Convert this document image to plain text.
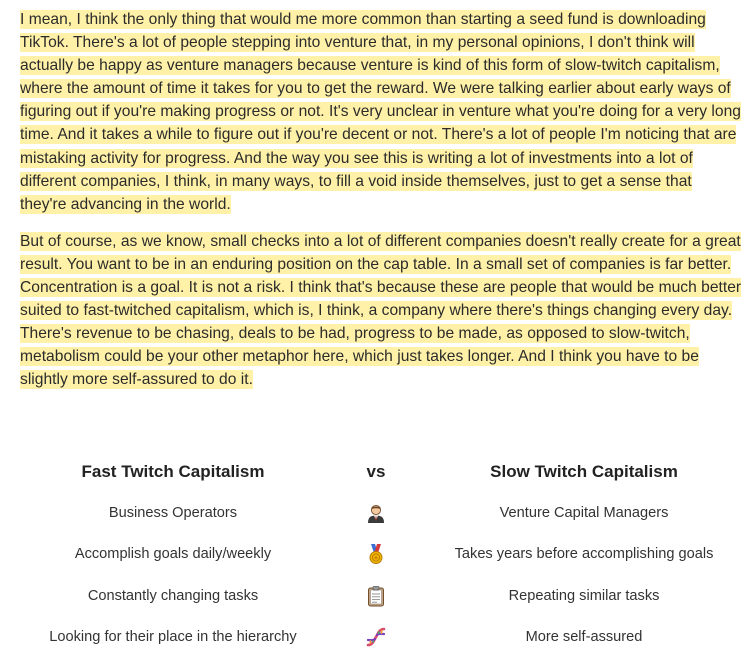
I mean, I think the only thing that would me more common than starting a seed fund is downloading TikTok. There's a lot of people stepping into venture that, in my personal opinions, I don't think will actually be happy as venture managers because venture is kind of this form of slow-twitch capitalism, where the amount of time it takes for you to get the reward. We were talking earlier about early ways of figuring out if you're making progress or not. It's very unclear in venture what you're doing for a very long time. And it takes a while to figure out if you're decent or not. There's a lot of people I'm noticing that are mistaking activity for progress. And the way you see this is writing a lot of investments into a lot of different companies, I think, in many ways, to fill a void inside themselves, just to get a sense that they're advancing in the world.

But of course, as we know, small checks into a lot of different companies doesn't really create for a great result. You want to be in an enduring position on the cap table. In a small set of companies is far better. Concentration is a goal. It is not a risk. I think that's because these are people that would be much better suited to fast-twitched capitalism, which is, I think, a company where there's things changing every day. There's revenue to be chasing, deals to be had, progress to be made, as opposed to slow-twitch, metabolism could be your other metaphor here, which just takes longer. And I think you have to be slightly more self-assured to do it.

Fast Twitch Capitalism	vs	Slow Twitch Capitalism
Business Operators	Venture Capital Managers
Accomplish goals daily/weekly	Takes years before accomplishing goals
Constantly changing tasks	Repeating similar tasks
Looking for their place in the hierarchy	More self-assured
